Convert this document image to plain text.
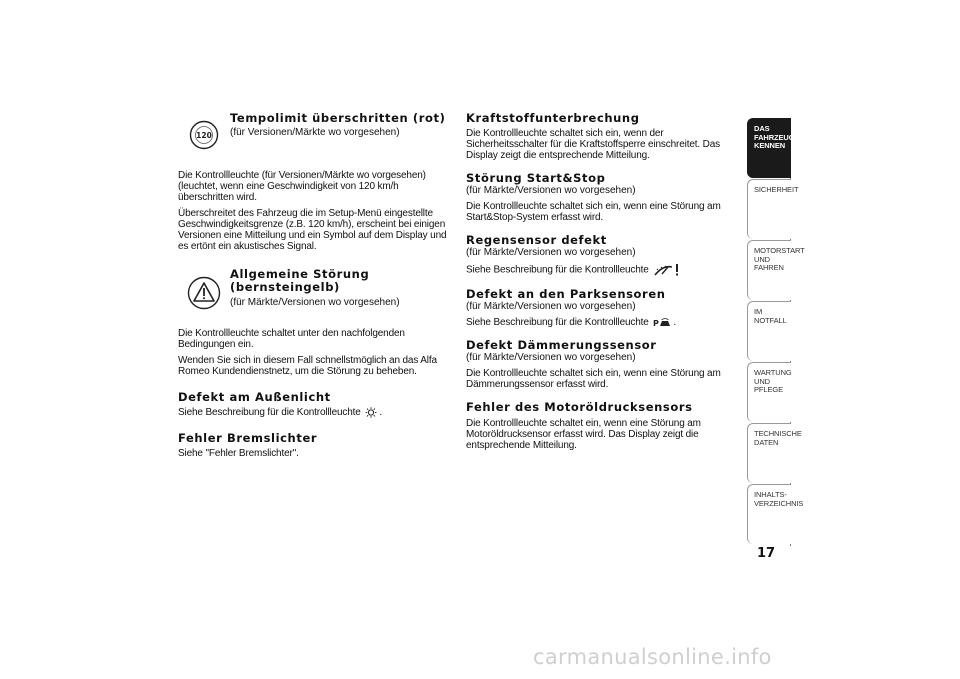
120
Tempolimit überschritten (rot)

(für Versionen/Märkte wo vorgesehen)

Die Kontrollleuchte (für Versionen/Märkte wo vorgesehen) (leuchtet, wenn eine Geschwindigkeit von 120 km/h überschritten wird.

Überschreitet des Fahrzeug die im Setup-Menü eingestellte Geschwindigkeitsgrenze (z.B. 120 km/h), erscheint bei einigen Versionen eine Mitteilung und ein Symbol auf dem Display und es ertönt ein akustisches Signal.

Allgemeine Störung (bernsteingelb)

(für Märkte/Versionen wo vorgesehen)

Die Kontrollleuchte schaltet unter den nachfolgenden Bedingungen ein.

Wenden Sie sich in diesem Fall schnellstmöglich an das Alfa Romeo Kundendienstnetz, um die Störung zu beheben.

Defekt am Außenlicht

Siehe Beschreibung für die Kontrollleuchte .

Fehler Bremslichter

Siehe "Fehler Bremslichter".

Kraftstoffunterbrechung

Die Kontrollleuchte schaltet sich ein, wenn der Sicherheitsschalter für die Kraftstoffsperre einschreitet. Das Display zeigt die entsprechende Mitteilung.

Störung Start&Stop

(für Märkte/Versionen wo vorgesehen)

Die Kontrollleuchte schaltet sich ein, wenn eine Störung am Start&Stop-System erfasst wird.

Regensensor defekt

(für Märkte/Versionen wo vorgesehen)

Siehe Beschreibung für die Kontrollleuchte

Defekt an den Parksensoren

(für Märkte/Versionen wo vorgesehen)

Siehe Beschreibung für die Kontrollleuchte P .

Defekt Dämmerungssensor

(für Märkte/Versionen wo vorgesehen)

Die Kontrollleuchte schaltet sich ein, wenn eine Störung am Dämmerungssensor erfasst wird.

Fehler des Motoröldrucksensors

Die Kontrollleuchte schaltet ein, wenn eine Störung am Motoröldrucksensor erfasst wird. Das Display zeigt die entsprechende Mitteilung.

DAS FAHRZEUG KENNEN
SICHERHEIT
MOTORSTART UND FAHREN
IM NOTFALL
WARTUNG UND PFLEGE
TECHNISCHE DATEN
INHALTS-VERZEICHNIS
17
carmanualsonline.info
